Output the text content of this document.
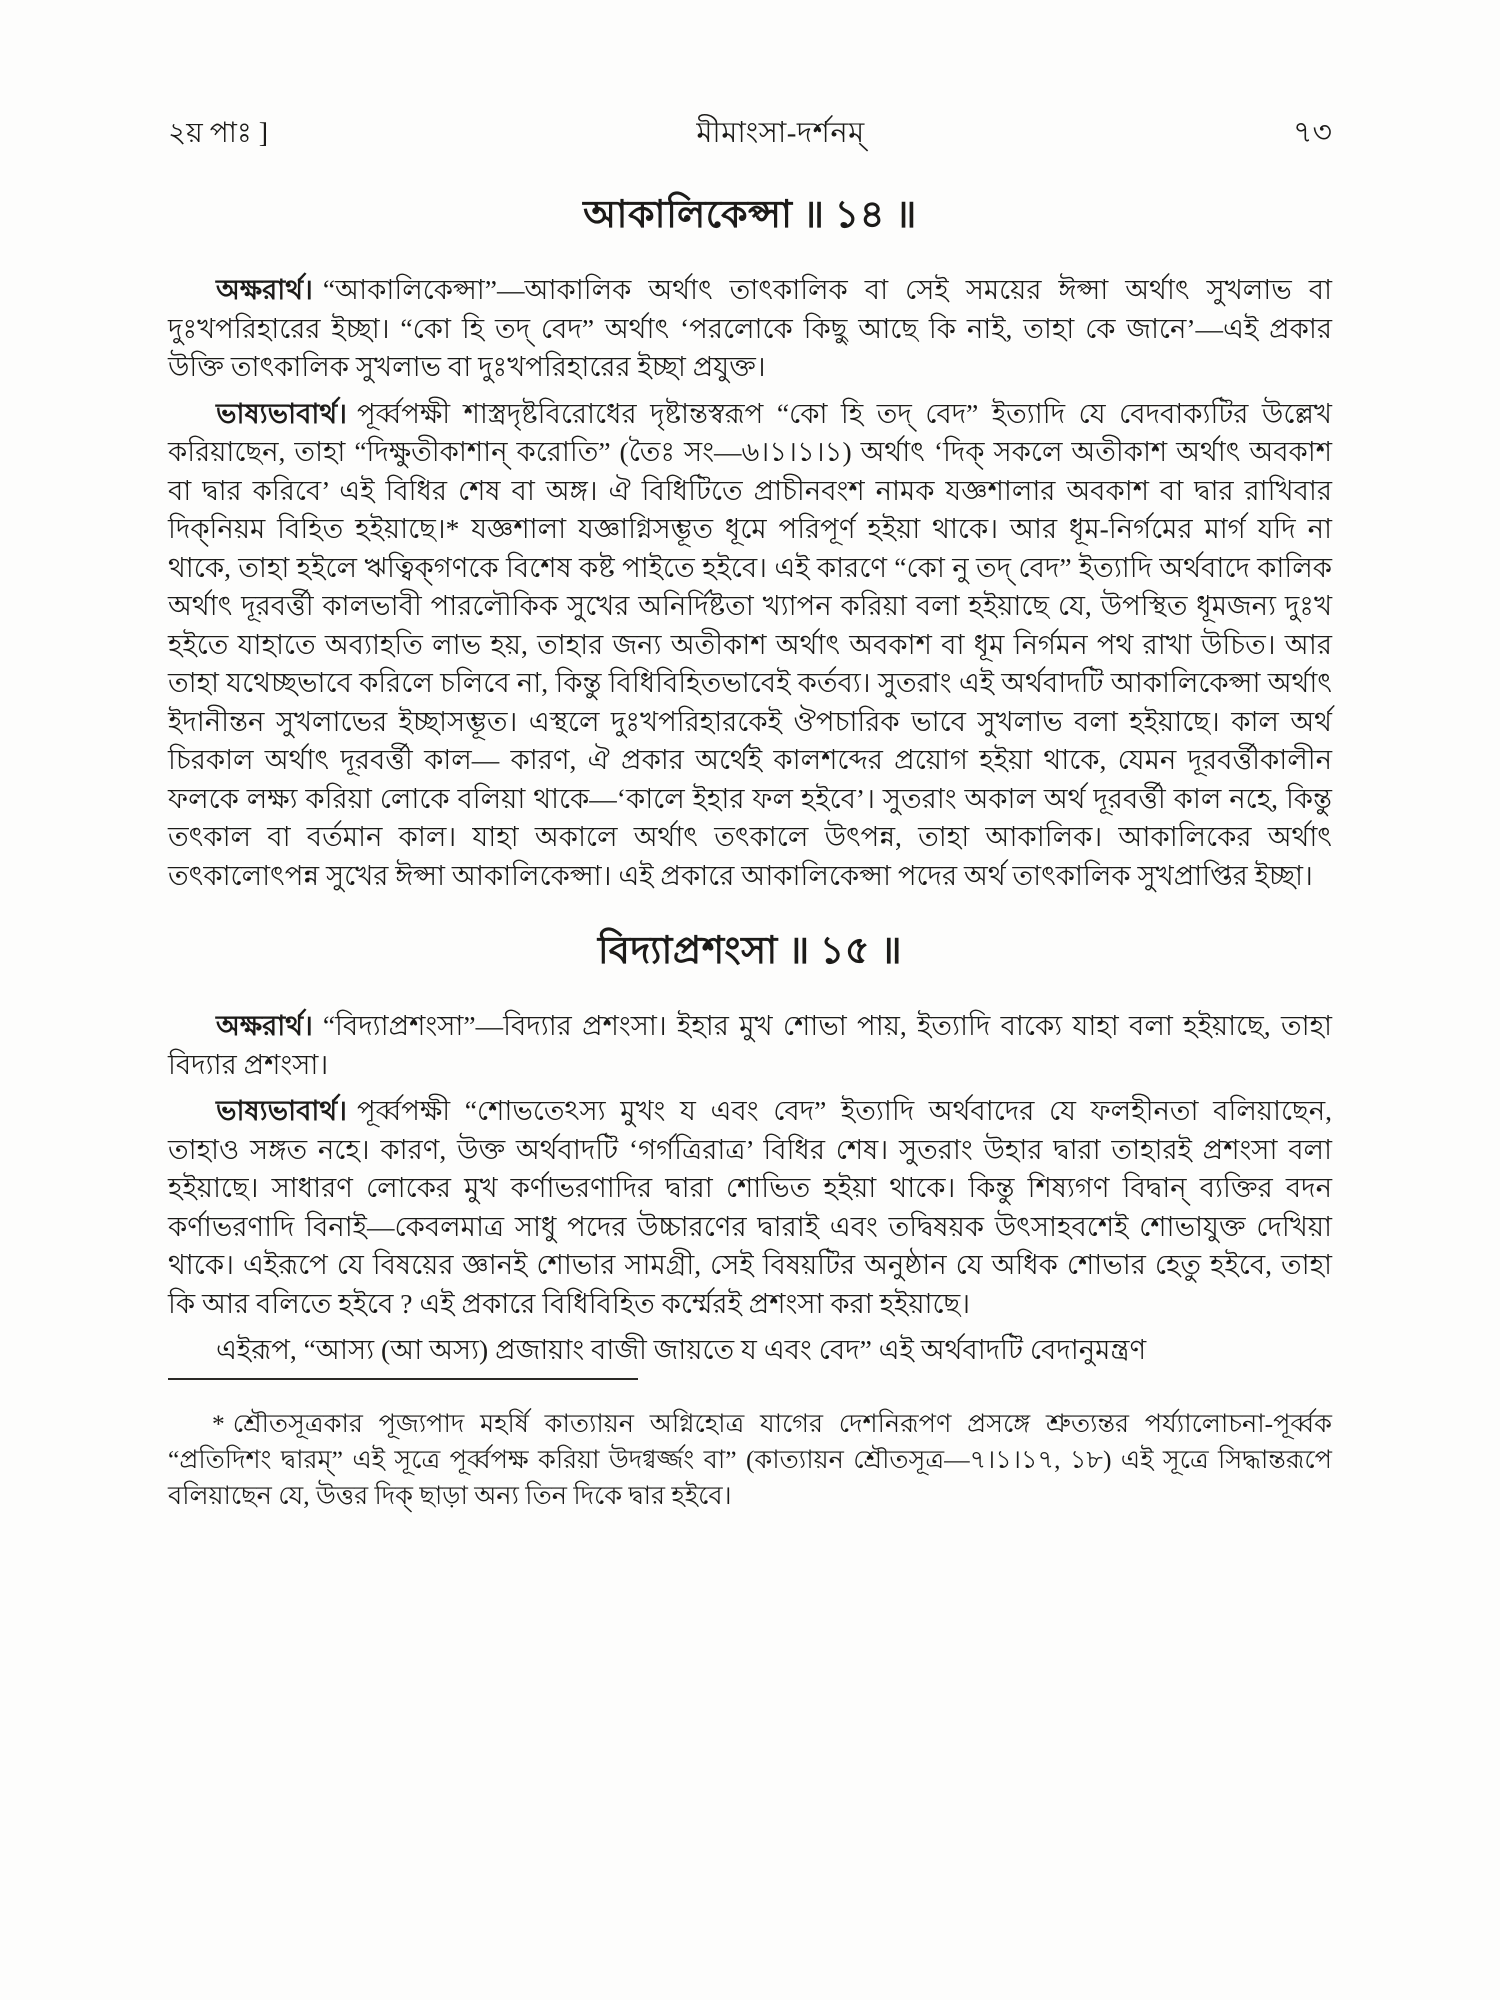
২য় পাঃ ]	মীমাংসা-দর্শনম্	৭৩
আকালিকেপ্সা ॥ ১৪ ॥

অক্ষরার্থ। “আকালিকেপ্সা”—আকালিক অর্থাৎ তাৎকালিক বা সেই সময়ের ঈপ্সা অর্থাৎ সুখলাভ বা দুঃখপরিহারের ইচ্ছা। “কো হি তদ্ বেদ” অর্থাৎ ‘পরলোকে কিছু আছে কি নাই, তাহা কে জানে’—এই প্রকার উক্তি তাৎকালিক সুখলাভ বা দুঃখপরিহারের ইচ্ছা প্রযুক্ত।

ভাষ্যভাবার্থ। পূর্ব্বপক্ষী শাস্ত্রদৃষ্টবিরোধের দৃষ্টান্তস্বরূপ “কো হি তদ্ বেদ” ইত্যাদি যে বেদবাক্যটির উল্লেখ করিয়াছেন, তাহা “দিক্ষুতীকাশান্ করোতি” (তৈঃ সং—৬।১।১।১) অর্থাৎ ‘দিক্ সকলে অতীকাশ অর্থাৎ অবকাশ বা দ্বার করিবে’ এই বিধির শেষ বা অঙ্গ। ঐ বিধিটিতে প্রাচীনবংশ নামক যজ্ঞশালার অবকাশ বা দ্বার রাখিবার দিক্‌নিয়ম বিহিত হইয়াছে।* যজ্ঞশালা যজ্ঞাগ্নিসম্ভূত ধূমে পরিপূর্ণ হইয়া থাকে। আর ধূম-নির্গমের মার্গ যদি না থাকে, তাহা হইলে ঋত্বিক্‌গণকে বিশেষ কষ্ট পাইতে হইবে। এই কারণে “কো নু তদ্ বেদ” ইত্যাদি অর্থবাদে কালিক অর্থাৎ দূরবর্ত্তী কালভাবী পারলৌকিক সুখের অনির্দিষ্টতা খ্যাপন করিয়া বলা হইয়াছে যে, উপস্থিত ধূমজন্য দুঃখ হইতে যাহাতে অব্যাহতি লাভ হয়, তাহার জন্য অতীকাশ অর্থাৎ অবকাশ বা ধূম নির্গমন পথ রাখা উচিত। আর তাহা যথেচ্ছভাবে করিলে চলিবে না, কিন্তু বিধিবিহিতভাবেই কর্তব্য। সুতরাং এই অর্থবাদটি আকালিকেপ্সা অর্থাৎ ইদানীন্তন সুখলাভের ইচ্ছাসম্ভূত। এস্থলে দুঃখপরিহারকেই ঔপচারিক ভাবে সুখলাভ বলা হইয়াছে। কাল অর্থ চিরকাল অর্থাৎ দূরবর্ত্তী কাল— কারণ, ঐ প্রকার অর্থেই কালশব্দের প্রয়োগ হইয়া থাকে, যেমন দূরবর্ত্তীকালীন ফলকে লক্ষ্য করিয়া লোকে বলিয়া থাকে—‘কালে ইহার ফল হইবে’। সুতরাং অকাল অর্থ দূরবর্ত্তী কাল নহে, কিন্তু তৎকাল বা বর্তমান কাল। যাহা অকালে অর্থাৎ তৎকালে উৎপন্ন, তাহা আকালিক। আকালিকের অর্থাৎ তৎকালোৎপন্ন সুখের ঈপ্সা আকালিকেপ্সা। এই প্রকারে আকালিকেপ্সা পদের অর্থ তাৎকালিক সুখপ্রাপ্তির ইচ্ছা।

বিদ্যাপ্রশংসা ॥ ১৫ ॥

অক্ষরার্থ। “বিদ্যাপ্রশংসা”—বিদ্যার প্রশংসা। ইহার মুখ শোভা পায়, ইত্যাদি বাক্যে যাহা বলা হইয়াছে, তাহা বিদ্যার প্রশংসা।

ভাষ্যভাবার্থ। পূর্ব্বপক্ষী “শোভতেঽস্য মুখং য এবং বেদ” ইত্যাদি অর্থবাদের যে ফলহীনতা বলিয়াছেন, তাহাও সঙ্গত নহে। কারণ, উক্ত অর্থবাদটি ‘গর্গত্রিরাত্র’ বিধির শেষ। সুতরাং উহার দ্বারা তাহারই প্রশংসা বলা হইয়াছে। সাধারণ লোকের মুখ কর্ণাভরণাদির দ্বারা শোভিত হইয়া থাকে। কিন্তু শিষ্যগণ বিদ্বান্ ব্যক্তির বদন কর্ণাভরণাদি বিনাই—কেবলমাত্র সাধু পদের উচ্চারণের দ্বারাই এবং তদ্বিষয়ক উৎসাহবশেই শোভাযুক্ত দেখিয়া থাকে। এইরূপে যে বিষয়ের জ্ঞানই শোভার সামগ্রী, সেই বিষয়টির অনুষ্ঠান যে অধিক শোভার হেতু হইবে, তাহা কি আর বলিতে হইবে ? এই প্রকারে বিধিবিহিত কর্ম্মেরই প্রশংসা করা হইয়াছে।

এইরূপ, “আস্য (আ অস্য) প্রজায়াং বাজী জায়তে য এবং বেদ” এই অর্থবাদটি বেদানুমন্ত্রণ

* শ্রৌতসূত্রকার পূজ্যপাদ মহর্ষি কাত্যায়ন অগ্নিহোত্র যাগের দেশনিরূপণ প্রসঙ্গে শ্রুত্যন্তর পর্য্যালোচনা-পূর্ব্বক “প্রতিদিশং দ্বারম্” এই সূত্রে পূর্ব্বপক্ষ করিয়া উদগ্বর্জ্জং বা” (কাত্যায়ন শ্রৌতসূত্র—৭।১।১৭, ১৮) এই সূত্রে সিদ্ধান্তরূপে বলিয়াছেন যে, উত্তর দিক্ ছাড়া অন্য তিন দিকে দ্বার হইবে।
